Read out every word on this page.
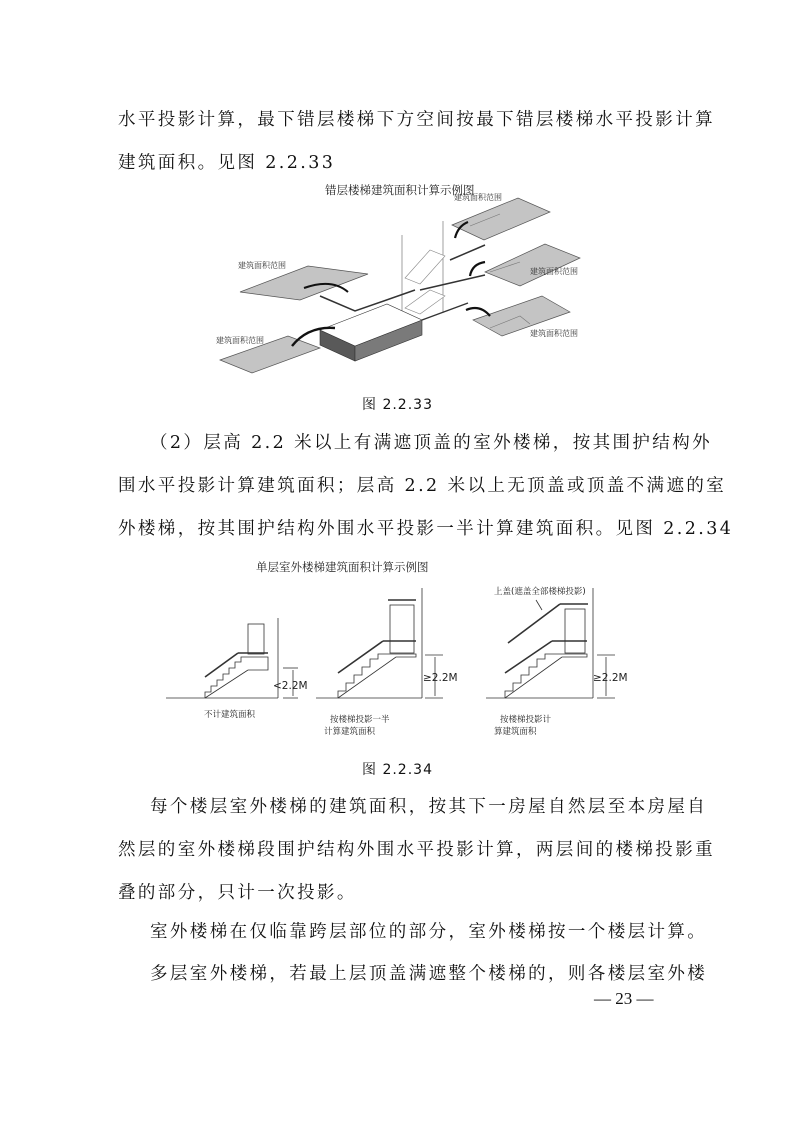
水平投影计算，最下错层楼梯下方空间按最下错层楼梯水平投影计算
建筑面积。见图 2.2.33
错层楼梯建筑面积计算示例图
建筑面积范围
建筑面积范围
建筑面积范围
建筑面积范围
建筑面积范围
图 2.2.33
（2）层高 2.2 米以上有满遮顶盖的室外楼梯，按其围护结构外
围水平投影计算建筑面积；层高 2.2 米以上无顶盖或顶盖不满遮的室
外楼梯，按其围护结构外围水平投影一半计算建筑面积。见图 2.2.34
单层室外楼梯建筑面积计算示例图
<2.2M
不计建筑面积
≥2.2M
按楼梯投影一半
计算建筑面积
上盖(遮盖全部楼梯投影)
≥2.2M
按楼梯投影计
算建筑面积
图 2.2.34
每个楼层室外楼梯的建筑面积，按其下一房屋自然层至本房屋自
然层的室外楼梯段围护结构外围水平投影计算，两层间的楼梯投影重
叠的部分，只计一次投影。
室外楼梯在仅临靠跨层部位的部分，室外楼梯按一个楼层计算。
多层室外楼梯，若最上层顶盖满遮整个楼梯的，则各楼层室外楼
— 23 —
